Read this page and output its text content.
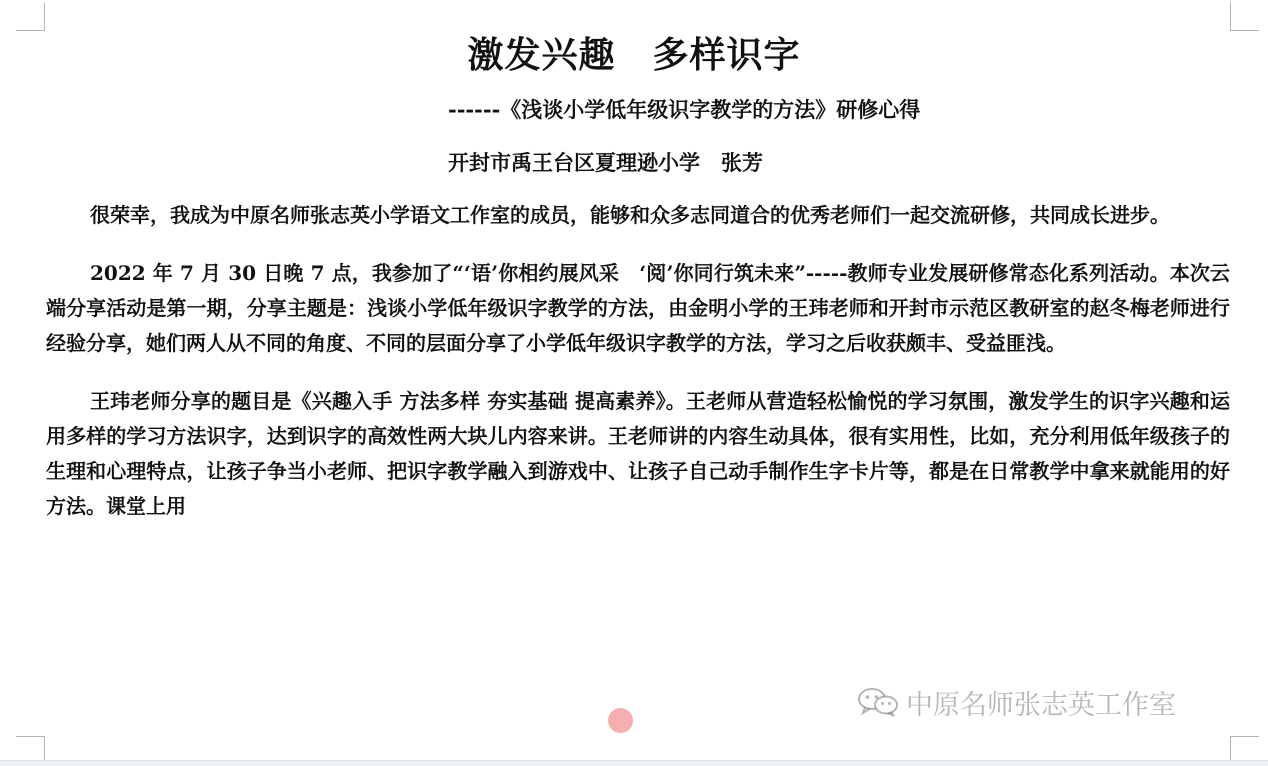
激发兴趣　多样识字
------《浅谈小学低年级识字教学的方法》研修心得
开封市禹王台区夏理逊小学　张芳

很荣幸，我成为中原名师张志英小学语文工作室的成员，能够和众多志同道合的优秀老师们一起交流研修，共同成长进步。

2022 年 7 月 30 日晚 7 点，我参加了“‘语’你相约展风采　‘阅’你同行筑未来”-----教师专业发展研修常态化系列活动。本次云端分享活动是第一期，分享主题是：浅谈小学低年级识字教学的方法，由金明小学的王玮老师和开封市示范区教研室的赵冬梅老师进行经验分享，她们两人从不同的角度、不同的层面分享了小学低年级识字教学的方法，学习之后收获颇丰、受益匪浅。

王玮老师分享的题目是《兴趣入手 方法多样 夯实基础 提高素养》。王老师从营造轻松愉悦的学习氛围，激发学生的识字兴趣和运用多样的学习方法识字，达到识字的高效性两大块儿内容来讲。王老师讲的内容生动具体，很有实用性，比如，充分利用低年级孩子的生理和心理特点，让孩子争当小老师、把识字教学融入到游戏中、让孩子自己动手制作生字卡片等，都是在日常教学中拿来就能用的好方法。课堂上用

中原名师张志英工作室
